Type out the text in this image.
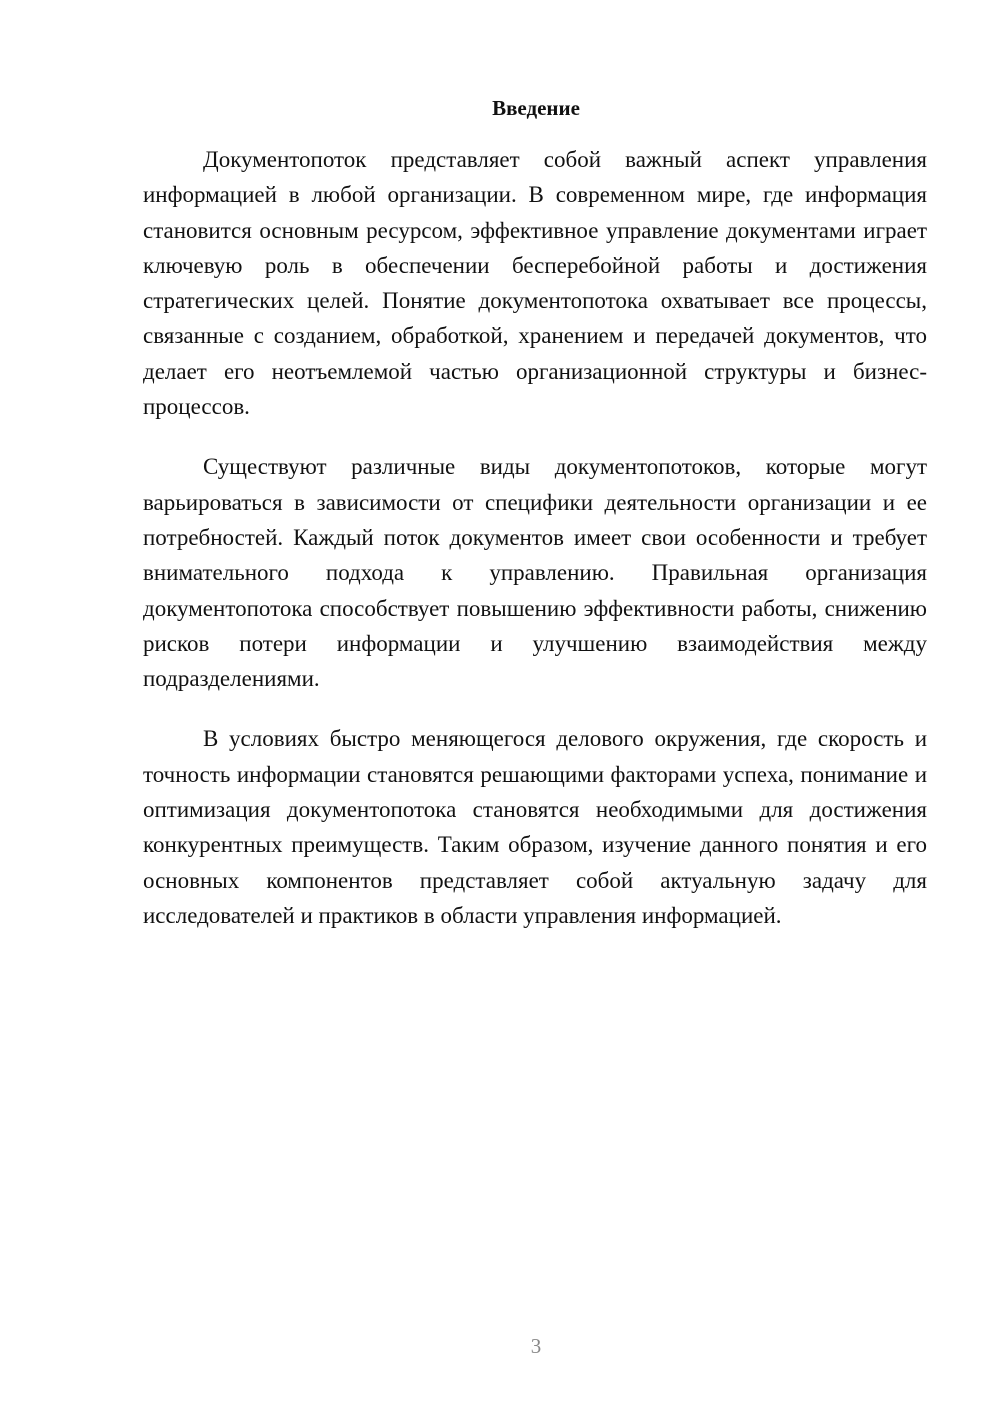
Введение

Документопоток представляет собой важный аспект управления информацией в любой организации. В современном мире, где информация становится основным ресурсом, эффективное управление документами играет ключевую роль в обеспечении бесперебойной работы и достижения стратегических целей. Понятие документопотока охватывает все процессы, связанные с созданием, обработкой, хранением и передачей документов, что делает его неотъемлемой частью организационной структуры и бизнес-процессов.

Существуют различные виды документопотоков, которые могут варьироваться в зависимости от специфики деятельности организации и ее потребностей. Каждый поток документов имеет свои особенности и требует внимательного подхода к управлению. Правильная организация документопотока способствует повышению эффективности работы, снижению рисков потери информации и улучшению взаимодействия между подразделениями.

В условиях быстро меняющегося делового окружения, где скорость и точность информации становятся решающими факторами успеха, понимание и оптимизация документопотока становятся необходимыми для достижения конкурентных преимуществ. Таким образом, изучение данного понятия и его основных компонентов представляет собой актуальную задачу для исследователей и практиков в области управления информацией.

3
